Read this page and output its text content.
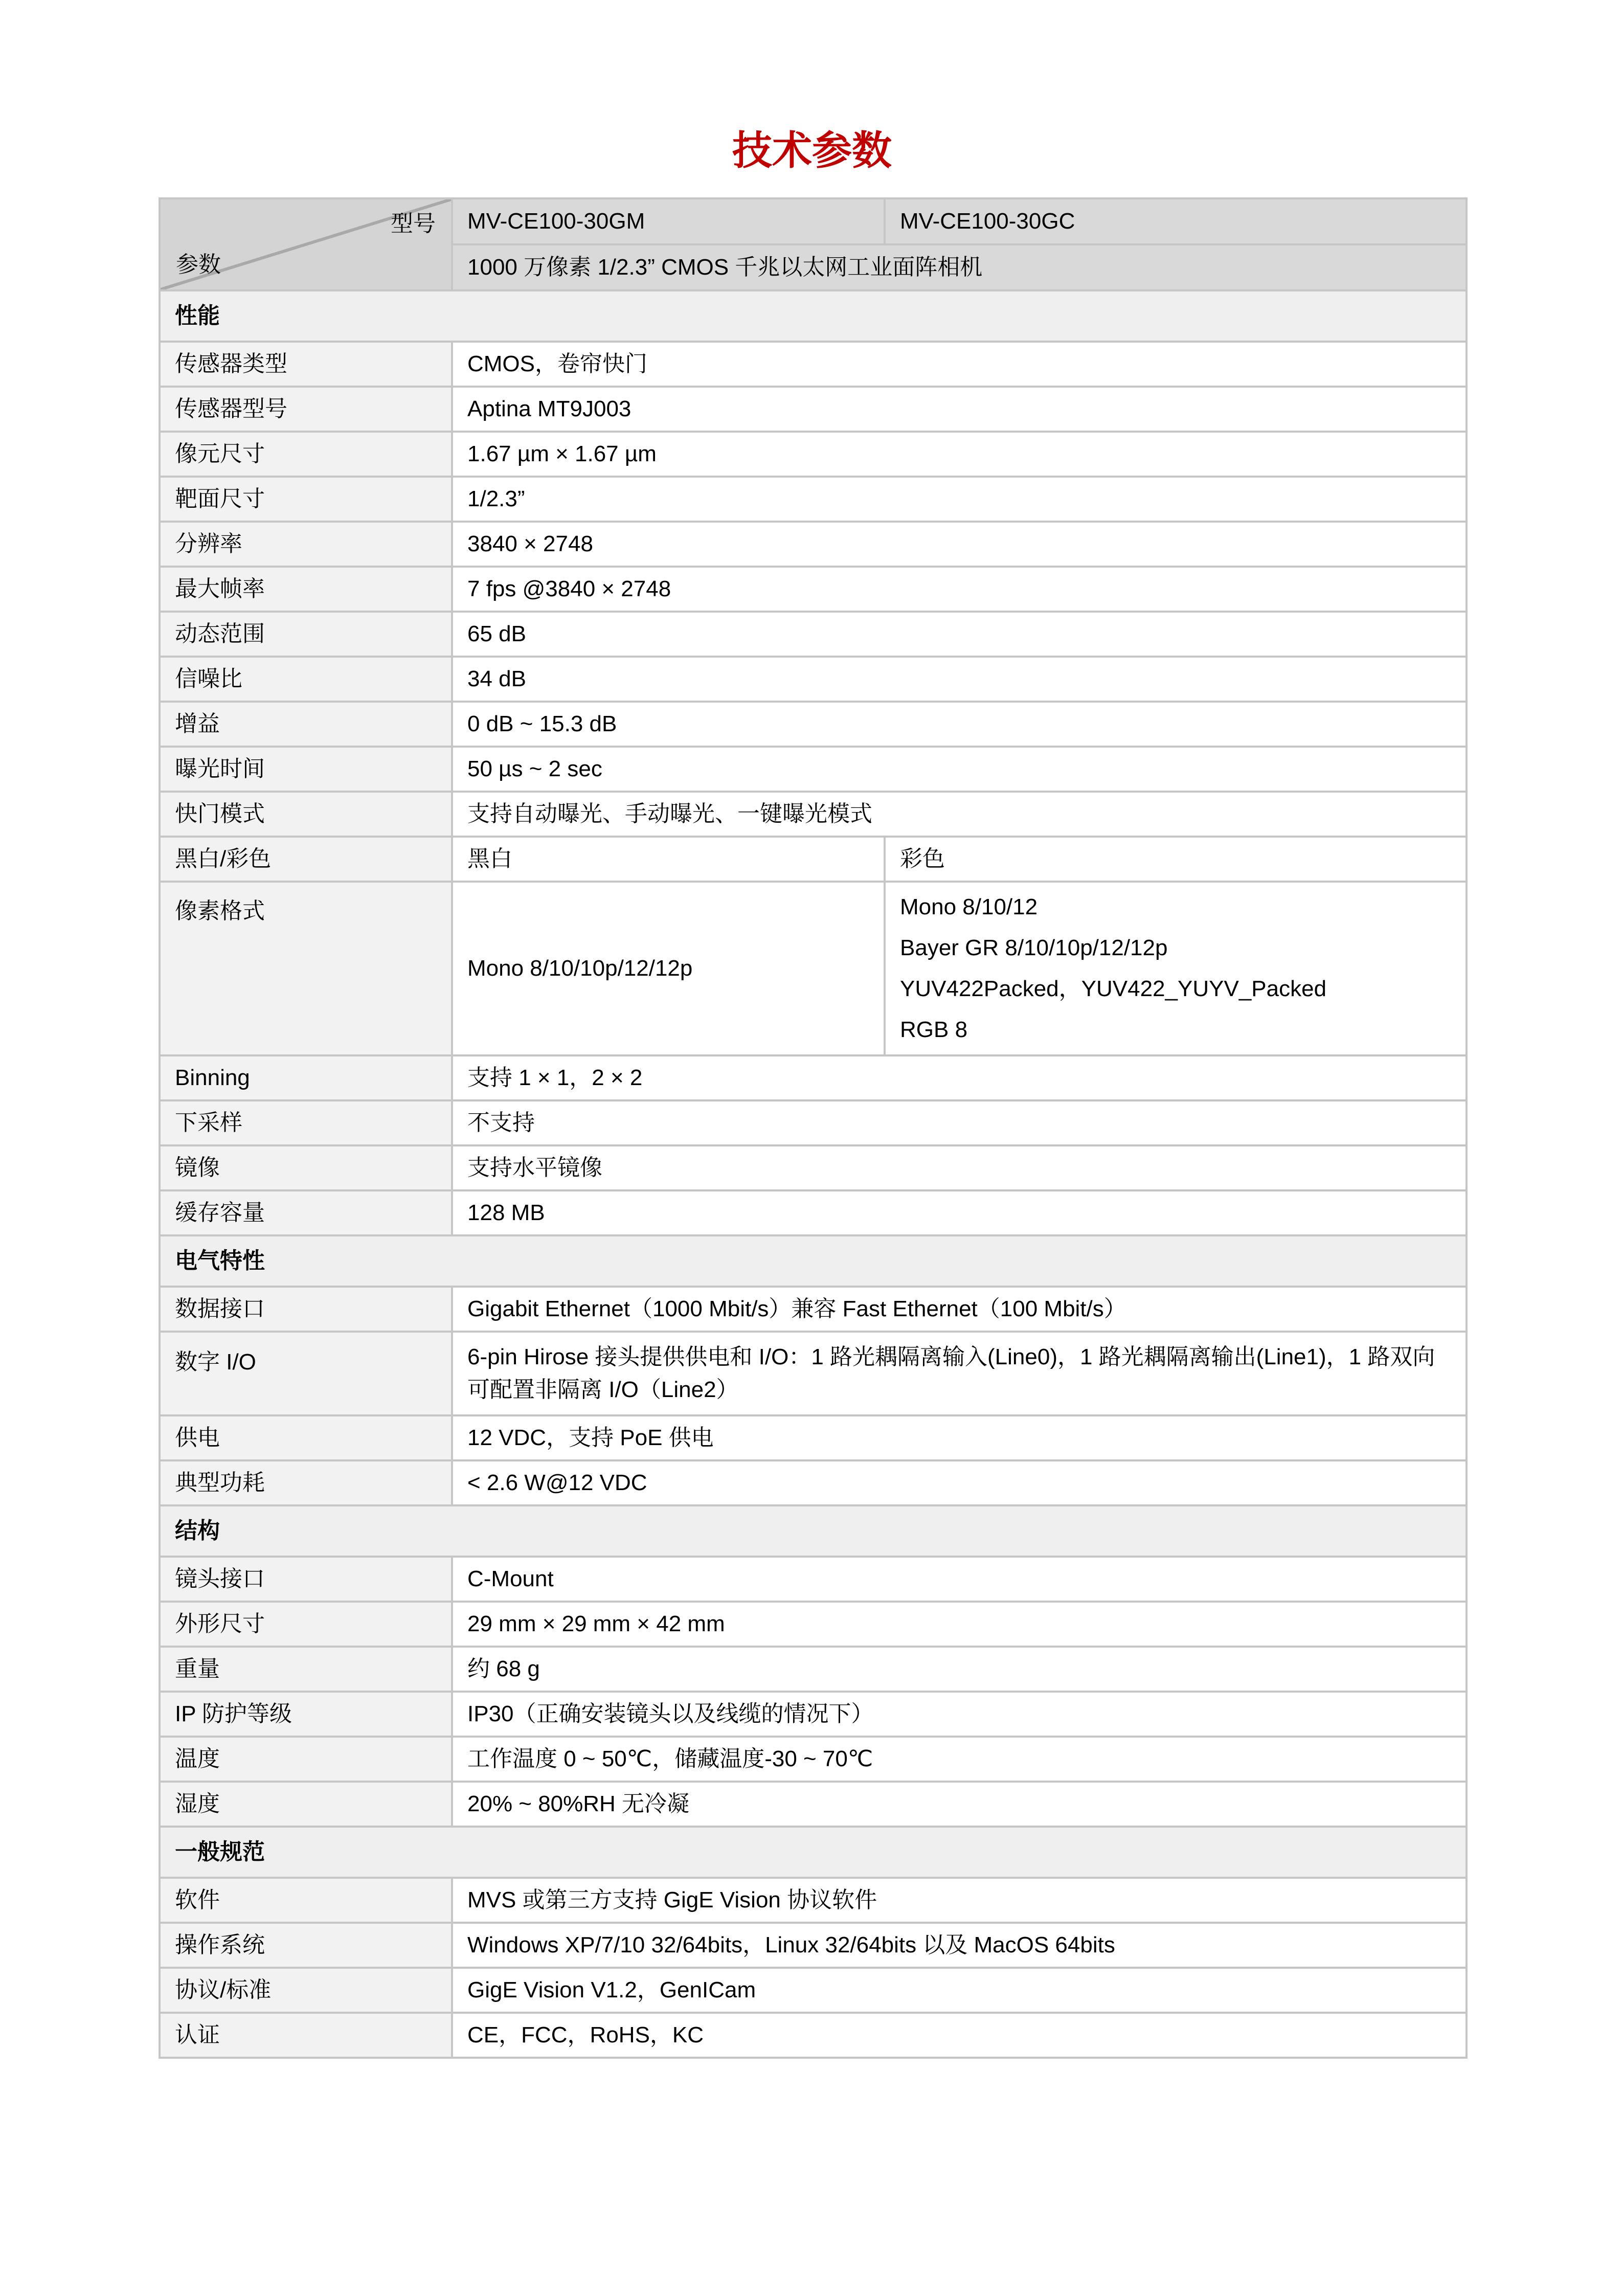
技术参数
型号
参数	MV-CE100-30GM	MV-CE100-30GC
	1000 万像素 1/2.3” CMOS 千兆以太网工业面阵相机	
性能		
传感器类型	CMOS，卷帘快门	
传感器型号	Aptina MT9J003	
像元尺寸	1.67 µm × 1.67 µm	
靶面尺寸	1/2.3”	
分辨率	3840 × 2748	
最大帧率	7 fps @3840 × 2748	
动态范围	65 dB	
信噪比	34 dB	
增益	0 dB ~ 15.3 dB	
曝光时间	50 µs ~ 2 sec	
快门模式	支持自动曝光、手动曝光、一键曝光模式	
黑白/彩色	黑白	彩色
像素格式	Mono 8/10/10p/12/12p	Mono 8/10/12
Bayer GR 8/10/10p/12/12p
YUV422Packed，YUV422_YUYV_Packed
RGB 8

Binning	支持 1 × 1，2 × 2	
下采样	不支持	
镜像	支持水平镜像	
缓存容量	128 MB	
电气特性		
数据接口	Gigabit Ethernet（1000 Mbit/s）兼容 Fast Ethernet（100 Mbit/s）	
数字 I/O	6-pin Hirose 接头提供供电和 I/O：1 路光耦隔离输入(Line0)，1 路光耦隔离输出(Line1)，1 路双向可配置非隔离 I/O（Line2）	
供电	12 VDC，支持 PoE 供电	
典型功耗	< 2.6 W@12 VDC	
结构		
镜头接口	C-Mount	
外形尺寸	29 mm × 29 mm × 42 mm	
重量	约 68 g	
IP 防护等级	IP30（正确安装镜头以及线缆的情况下）	
温度	工作温度 0 ~ 50℃，储藏温度-30 ~ 70℃	
湿度	20% ~ 80%RH 无冷凝	
一般规范		
软件	MVS 或第三方支持 GigE Vision 协议软件	
操作系统	Windows XP/7/10 32/64bits，Linux 32/64bits 以及 MacOS 64bits	
协议/标准	GigE Vision V1.2，GenICam	
认证	CE，FCC，RoHS，KC	
